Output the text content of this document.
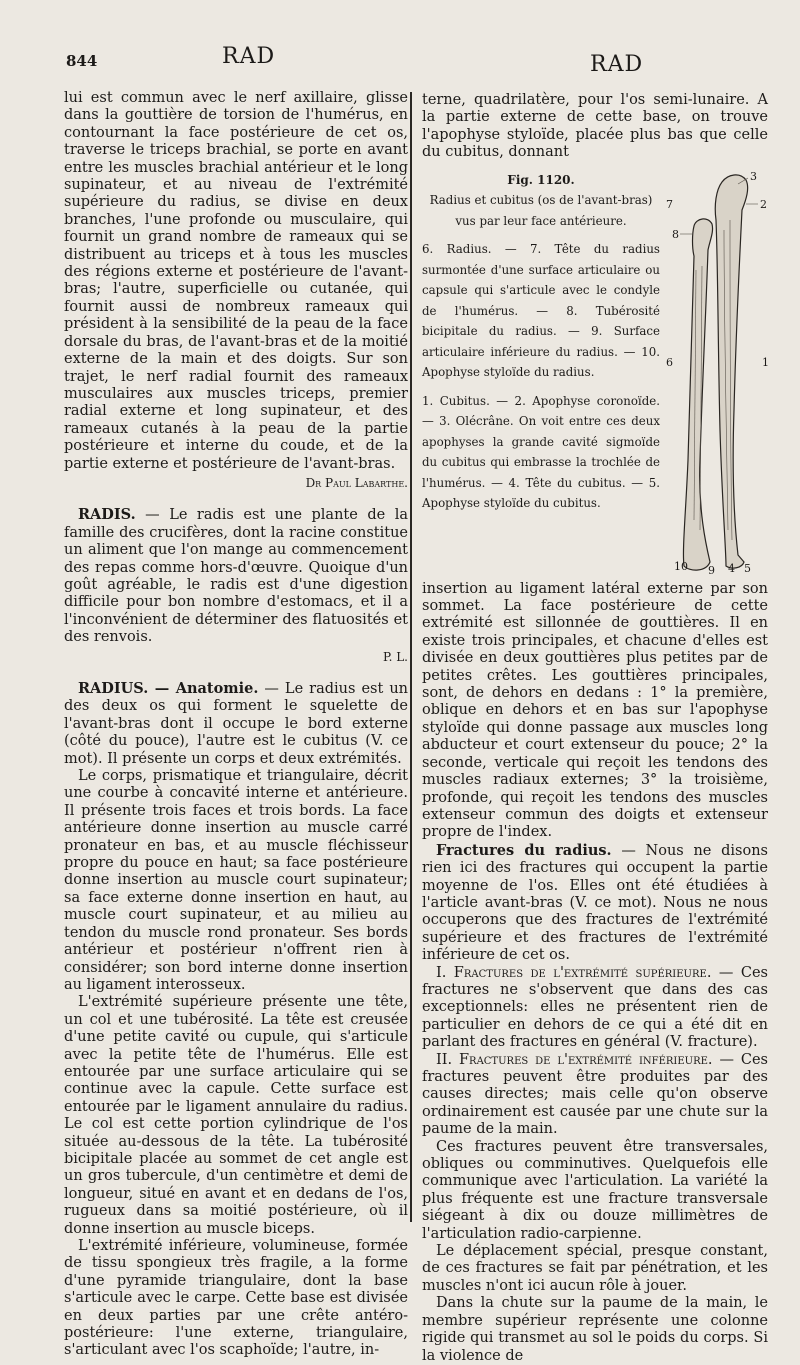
844	RAD	RAD

lui est commun avec le nerf axillaire, glisse dans la gouttière de torsion de l'humérus, en contournant la face postérieure de cet os, traverse le triceps brachial, se porte en avant entre les muscles brachial antérieur et le long supinateur, et au niveau de l'extrémité supérieure du radius, se divise en deux branches, l'une profonde ou musculaire, qui fournit un grand nombre de rameaux qui se distribuent au triceps et à tous les muscles des régions externe et postérieure de l'avant-bras; l'autre, superficielle ou cutanée, qui fournit aussi de nombreux rameaux qui président à la sensibilité de la peau de la face dorsale du bras, de l'avant-bras et de la moitié externe de la main et des doigts. Sur son trajet, le nerf radial fournit des rameaux musculaires aux muscles triceps, premier radial externe et long supinateur, et des rameaux cutanés à la peau de la partie postérieure et interne du coude, et de la partie externe et postérieure de l'avant-bras.

Dr Paul Labarthe.

RADIS. — Le radis est une plante de la famille des crucifères, dont la racine constitue un aliment que l'on mange au commencement des repas comme hors-d'œuvre. Quoique d'un goût agréable, le radis est d'une digestion difficile pour bon nombre d'estomacs, et il a l'inconvénient de déterminer des flatuosités et des renvois.

P. L.

RADIUS. — Anatomie. — Le radius est un des deux os qui forment le squelette de l'avant-bras dont il occupe le bord externe (côté du pouce), l'autre est le cubitus (V. ce mot). Il présente un corps et deux extrémités.

Le corps, prismatique et triangulaire, décrit une courbe à concavité interne et antérieure. Il présente trois faces et trois bords. La face antérieure donne insertion au muscle carré pronateur en bas, et au muscle fléchisseur propre du pouce en haut; sa face postérieure donne insertion au muscle court supinateur; sa face externe donne insertion en haut, au muscle court supinateur, et au milieu au tendon du muscle rond pronateur. Ses bords antérieur et postérieur n'offrent rien à considérer; son bord interne donne insertion au ligament interosseux.

L'extrémité supérieure présente une tête, un col et une tubérosité. La tête est creusée d'une petite cavité ou cupule, qui s'articule avec la petite tête de l'humérus. Elle est entourée par une surface articulaire qui se continue avec la capule. Cette surface est entourée par le ligament annulaire du radius. Le col est cette portion cylindrique de l'os située au-dessous de la tête. La tubérosité bicipitale placée au sommet de cet angle est un gros tubercule, d'un centimètre et demi de longueur, situé en avant et en dedans de l'os, rugueux dans sa moitié postérieure, où il donne insertion au muscle biceps.

L'extrémité inférieure, volumineuse, formée de tissu spongieux très fragile, a la forme d'une pyramide triangulaire, dont la base s'articule avec le carpe. Cette base est divisée en deux parties par une crête antéro-postérieure: l'une externe, triangulaire, s'articulant avec l'os scaphoïde; l'autre, in-

terne, quadrilatère, pour l'os semi-lunaire. A la partie externe de cette base, on trouve l'apophyse styloïde, placée plus bas que celle du cubitus, donnant

Fig. 1120.
Radius et cubitus (os de l'avant-bras) vus par leur face antérieure.
6. Radius. — 7. Tête du radius surmontée d'une surface articulaire ou capsule qui s'articule avec le condyle de l'humérus. — 8. Tubérosité bicipitale du radius. — 9. Surface articulaire inférieure du radius. — 10. Apophyse styloïde du radius.
1. Cubitus. — 2. Apophyse coronoïde. — 3. Olécrâne. On voit entre ces deux apophyses la grande cavité sigmoïde du cubitus qui embrasse la trochlée de l'humérus. — 4. Tête du cubitus. — 5. Apophyse styloïde du cubitus.
1
2
3
4 5
6
7
8
9
10

insertion au ligament latéral externe par son sommet. La face postérieure de cette extrémité est sillonnée de gouttières. Il en existe trois principales, et chacune d'elles est divisée en deux gouttières plus petites par de petites crêtes. Les gouttières principales, sont, de dehors en dedans : 1° la première, oblique en dehors et en bas sur l'apophyse styloïde qui donne passage aux muscles long abducteur et court extenseur du pouce; 2° la seconde, verticale qui reçoit les tendons des muscles radiaux externes; 3° la troisième, profonde, qui reçoit les tendons des muscles extenseur commun des doigts et extenseur propre de l'index.

Fractures du radius. — Nous ne disons rien ici des fractures qui occupent la partie moyenne de l'os. Elles ont été étudiées à l'article avant-bras (V. ce mot). Nous ne nous occuperons que des fractures de l'extrémité supérieure et des fractures de l'extrémité inférieure de cet os.

I. Fractures de l'extrémité supérieure. — Ces fractures ne s'observent que dans des cas exceptionnels: elles ne présentent rien de particulier en dehors de ce qui a été dit en parlant des fractures en général (V. fracture).

II. Fractures de l'extrémité inférieure. — Ces fractures peuvent être produites par des causes directes; mais celle qu'on observe ordinairement est causée par une chute sur la paume de la main.

Ces fractures peuvent être transversales, obliques ou comminutives. Quelquefois elle communique avec l'articulation. La variété la plus fréquente est une fracture transversale siégeant à dix ou douze millimètres de l'articulation radio-carpienne.

Le déplacement spécial, presque constant, de ces fractures se fait par pénétration, et les muscles n'ont ici aucun rôle à jouer.

Dans la chute sur la paume de la main, le membre supérieur représente une colonne rigide qui transmet au sol le poids du corps. Si la violence de
